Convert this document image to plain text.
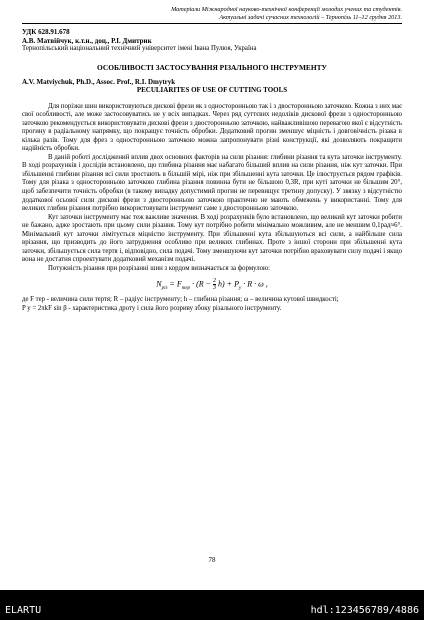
Матеріали Міжнародної науково-технічної конференції молодих учених та студентів.
Актуальні задачі сучасних технологій – Тернопіль 11–12 грудня 2013.
УДК 628.91.678
А.В. Матвійчук, к.т.н., доц., Р.І. Дмитрик
Тернопільський національний технічний університет імені Івана Пулюя, Україна
ОСОБЛИВОСТІ ЗАСТОСУВАННЯ РІЗАЛЬНОГО ІНСТРУМЕНТУ
A.V. Matviychuk, Ph.D., Assoc. Prof., R.I. Dmytryk
PECULIARITES OF USE OF CUTTING TOOLS

Для порізки шин використовуються дискові фрези як з односторонньою так і з двосторонньою заточкою. Кожна з них має свої особливості, але може застосовуватись не у всіх випадках. Через ряд суттєвих недоліків дискової фрези з односторонньою заточкою рекомендується використовувати дискові фрези з двосторонньою заточкою, найважливішою перевагою якої є відсутність прогину в радіальному напрямку, що покращує точність обробки. Додатковий прогин зменшує міцність і довговічність різака в кілька разів. Тому для фрез з односторонньою заточкою можна запропонувати різні конструкції, які дозволяють покращити надійність обробки.

В даній роботі досліджений вплив двох основних факторів на сили різання: глибини різання та кута заточки інструменту. В ході розрахунків і дослідів встановлено, що глибина різання має набагато більший вплив на сили різання, ніж кут заточки. При збільшенні глибини різання всі сили зростають в більшій мірі, ніж при збільшенні кута заточки. Це ілюструється рядом графіків. Тому для різака з односторонньою заточкою глибина різання повинна бути не більшою 0,3R, при куті заточки не більшим 20°, щоб забезпечити точність обробки (в такому випадку допустимий прогин не перевищує третину допуску). У звязку з відсутністю додаткової осьової сили дискові фрези з двосторонньою заточкою практично не мають обмежень у використанні. Тому для великих глибин різання потрібно використовувати інструмент саме з двосторонньою заточкою.

Кут заточки інструменту має теж важливе значення. В ході розрахунків було встановлено, що великий кут заточки робити не бажано, адже зростають при цьому сили різання. Тому кут потрібно робити мінімально можливим, але не меншим 0,1рад≈6°. Мінімальний кут заточки лімітується міцністю інструменту. При збільшенні кута збільшуються всі сили, а найбільше сила врізання, що призводить до його затруднення особливо при великих глибинах. Проте з іншої сторони при збільшенні кута заточки, збільшується сила тертя і, відповідно, сила подачі. Тому зменшуючи кут заточки потрібно враховувати силу подачі і якщо вона не достатня спроектувати додатковий механізм подачі.

Потужність різання при розрізанні шин з кордом визначається за формулою:

$N_{різ} = F_{тер} \cdot (R - \frac{2}{3} h) + P_у \cdot R \cdot \omega$ ,

де F тер - величина сили тертя; R – радіус інструменту; h – глибина різання; ω – величина кутової швидкості;

P у = 2πkF sin β - характеристика дроту і сила його розриву збоку різального інструменту.

78
ELARTU	hdl:123456789/4886
